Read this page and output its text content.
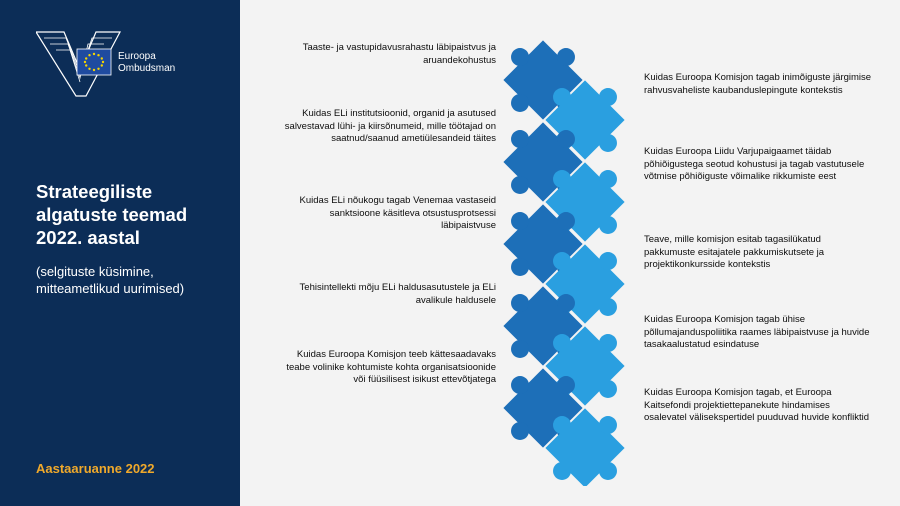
Euroopa
Ombudsman
Strateegiliste algatuste teemad 2022. aastal
(selgituste küsimine, mitteametlikud uurimised)
Aastaaruanne 2022
Taaste- ja vastupidavusrahastu läbipaistvus ja aruandekohustus
Kuidas ELi institutsioonid, organid ja asutused salvestavad lühi- ja kiirsõnumeid, mille töötajad on saatnud/saanud ametiülesandeid täites
Kuidas ELi nõukogu tagab Venemaa vastaseid sanktsioone käsitleva otsustusprotsessi läbipaistvuse
Tehisintellekti mõju ELi haldusasutustele ja ELi avalikule haldusele
Kuidas Euroopa Komisjon teeb kättesaadavaks teabe volinike kohtumiste kohta organisatsioonide või füüsilisest isikust ettevõtjatega
Kuidas Euroopa Komisjon tagab inimõiguste järgimise rahvusvaheliste kaubanduslepingute kontekstis
Kuidas Euroopa Liidu Varjupaigaamet täidab põhiõigustega seotud kohustusi ja tagab vastutusele võtmise põhiõiguste võimalike rikkumiste eest
Teave, mille komisjon esitab tagasilükatud pakkumuste esitajatele pakkumiskutsete ja projektikonkursside kontekstis
Kuidas Euroopa Komisjon tagab ühise põllumajanduspoliitika raames läbipaistvuse ja huvide tasakaalustatud esindatuse
Kuidas Euroopa Komisjon tagab, et Euroopa Kaitsefondi projektiettepanekute hindamises osalevatel välisekspertidel puuduvad huvide konfliktid
